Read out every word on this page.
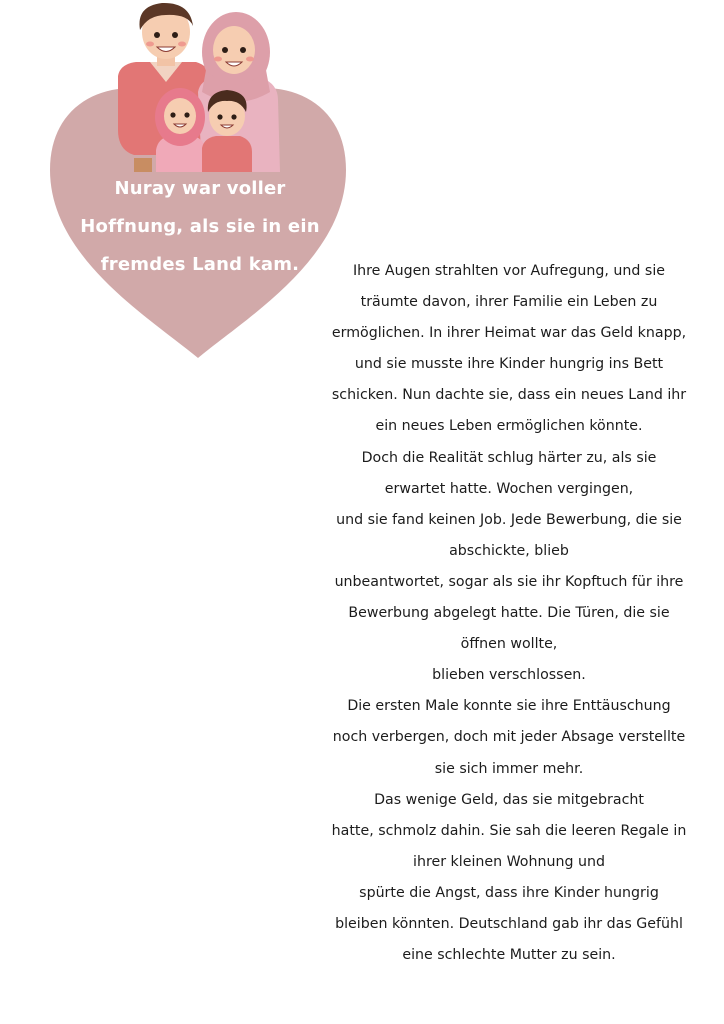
Nuray war voller
Hoffnung, als sie in ein
fremdes Land kam.	Ihre Augen strahlten vor Aufregung, und sie
träumte davon, ihrer Familie ein Leben zu
ermöglichen. In ihrer Heimat war das Geld knapp,
und sie musste ihre Kinder hungrig ins Bett
schicken. Nun dachte sie, dass ein neues Land ihr
ein neues Leben ermöglichen könnte.
Doch die Realität schlug härter zu, als sie
erwartet hatte. Wochen vergingen,
und sie fand keinen Job. Jede Bewerbung, die sie
abschickte, blieb
unbeantwortet, sogar als sie ihr Kopftuch für ihre
Bewerbung abgelegt hatte. Die Türen, die sie
öffnen wollte,
blieben verschlossen.
Die ersten Male konnte sie ihre Enttäuschung
noch verbergen, doch mit jeder Absage verstellte
sie sich immer mehr.
Das wenige Geld, das sie mitgebracht
hatte, schmolz dahin. Sie sah die leeren Regale in
ihrer kleinen Wohnung und
spürte die Angst, dass ihre Kinder hungrig
bleiben könnten. Deutschland gab ihr das Gefühl
eine schlechte Mutter zu sein.
